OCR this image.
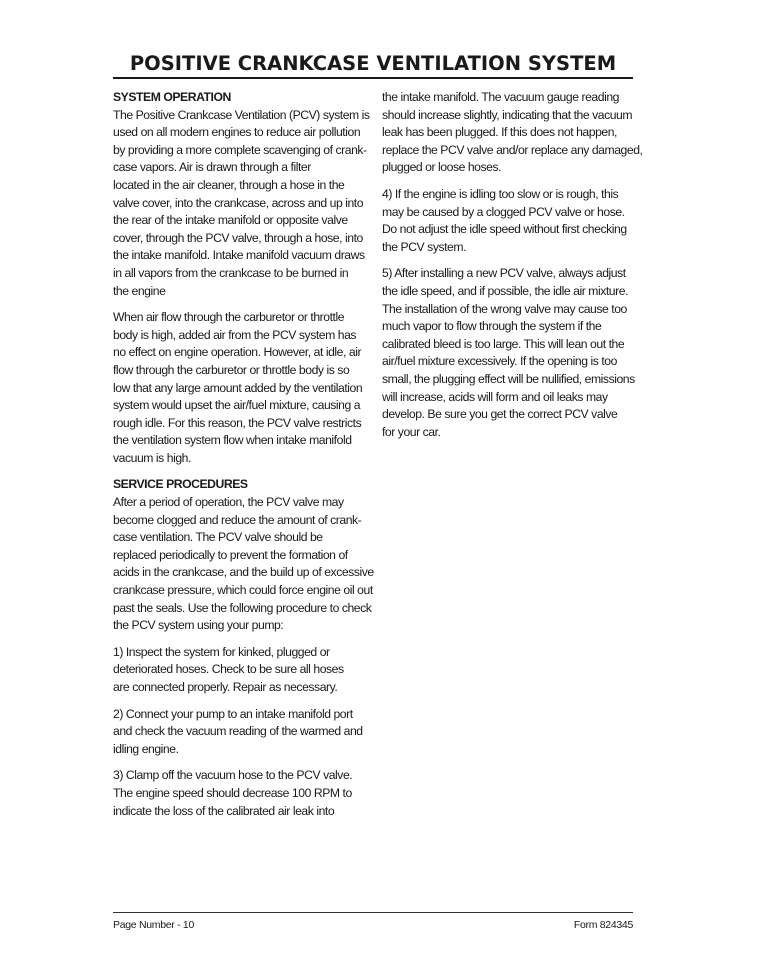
POSITIVE CRANKCASE VENTILATION SYSTEM

SYSTEM OPERATION

The Positive Crankcase Ventilation (PCV) system is
used on all modern engines to reduce air pollution
by providing a more complete scavenging of crank-
case vapors. Air is drawn through a filter
located in the air cleaner, through a hose in the
valve cover, into the crankcase, across and up into
the rear of the intake manifold or opposite valve
cover, through the PCV valve, through a hose, into
the intake manifold. Intake manifold vacuum draws
in all vapors from the crankcase to be burned in
the engine
When air flow through the carburetor or throttle
body is high, added air from the PCV system has
no effect on engine operation. However, at idle, air
flow through the carburetor or throttle body is so
low that any large amount added by the ventilation
system would upset the air/fuel mixture, causing a
rough idle. For this reason, the PCV valve restricts
the ventilation system flow when intake manifold
vacuum is high.

SERVICE PROCEDURES

After a period of operation, the PCV valve may
become clogged and reduce the amount of crank-
case ventilation. The PCV valve should be
replaced periodically to prevent the formation of
acids in the crankcase, and the build up of excessive
crankcase pressure, which could force engine oil out
past the seals. Use the following procedure to check
the PCV system using your pump:
1) Inspect the system for kinked, plugged or
deteriorated hoses. Check to be sure all hoses
are connected properly. Repair as necessary.
2) Connect your pump to an intake manifold port
and check the vacuum reading of the warmed and
idling engine.
3) Clamp off the vacuum hose to the PCV valve.
The engine speed should decrease 100 RPM to
indicate the loss of the calibrated air leak into
the intake manifold. The vacuum gauge reading
should increase slightly, indicating that the vacuum
leak has been plugged. If this does not happen,
replace the PCV valve and/or replace any damaged,
plugged or loose hoses.
4) If the engine is idling too slow or is rough, this
may be caused by a clogged PCV valve or hose.
Do not adjust the idle speed without first checking
the PCV system.
5) After installing a new PCV valve, always adjust
the idle speed, and if possible, the idle air mixture.
The installation of the wrong valve may cause too
much vapor to flow through the system if the
calibrated bleed is too large. This will lean out the
air/fuel mixture excessively. If the opening is too
small, the plugging effect will be nullified, emissions
will increase, acids will form and oil leaks may
develop. Be sure you get the correct PCV valve
for your car.
Page Number - 10	Form 824345
